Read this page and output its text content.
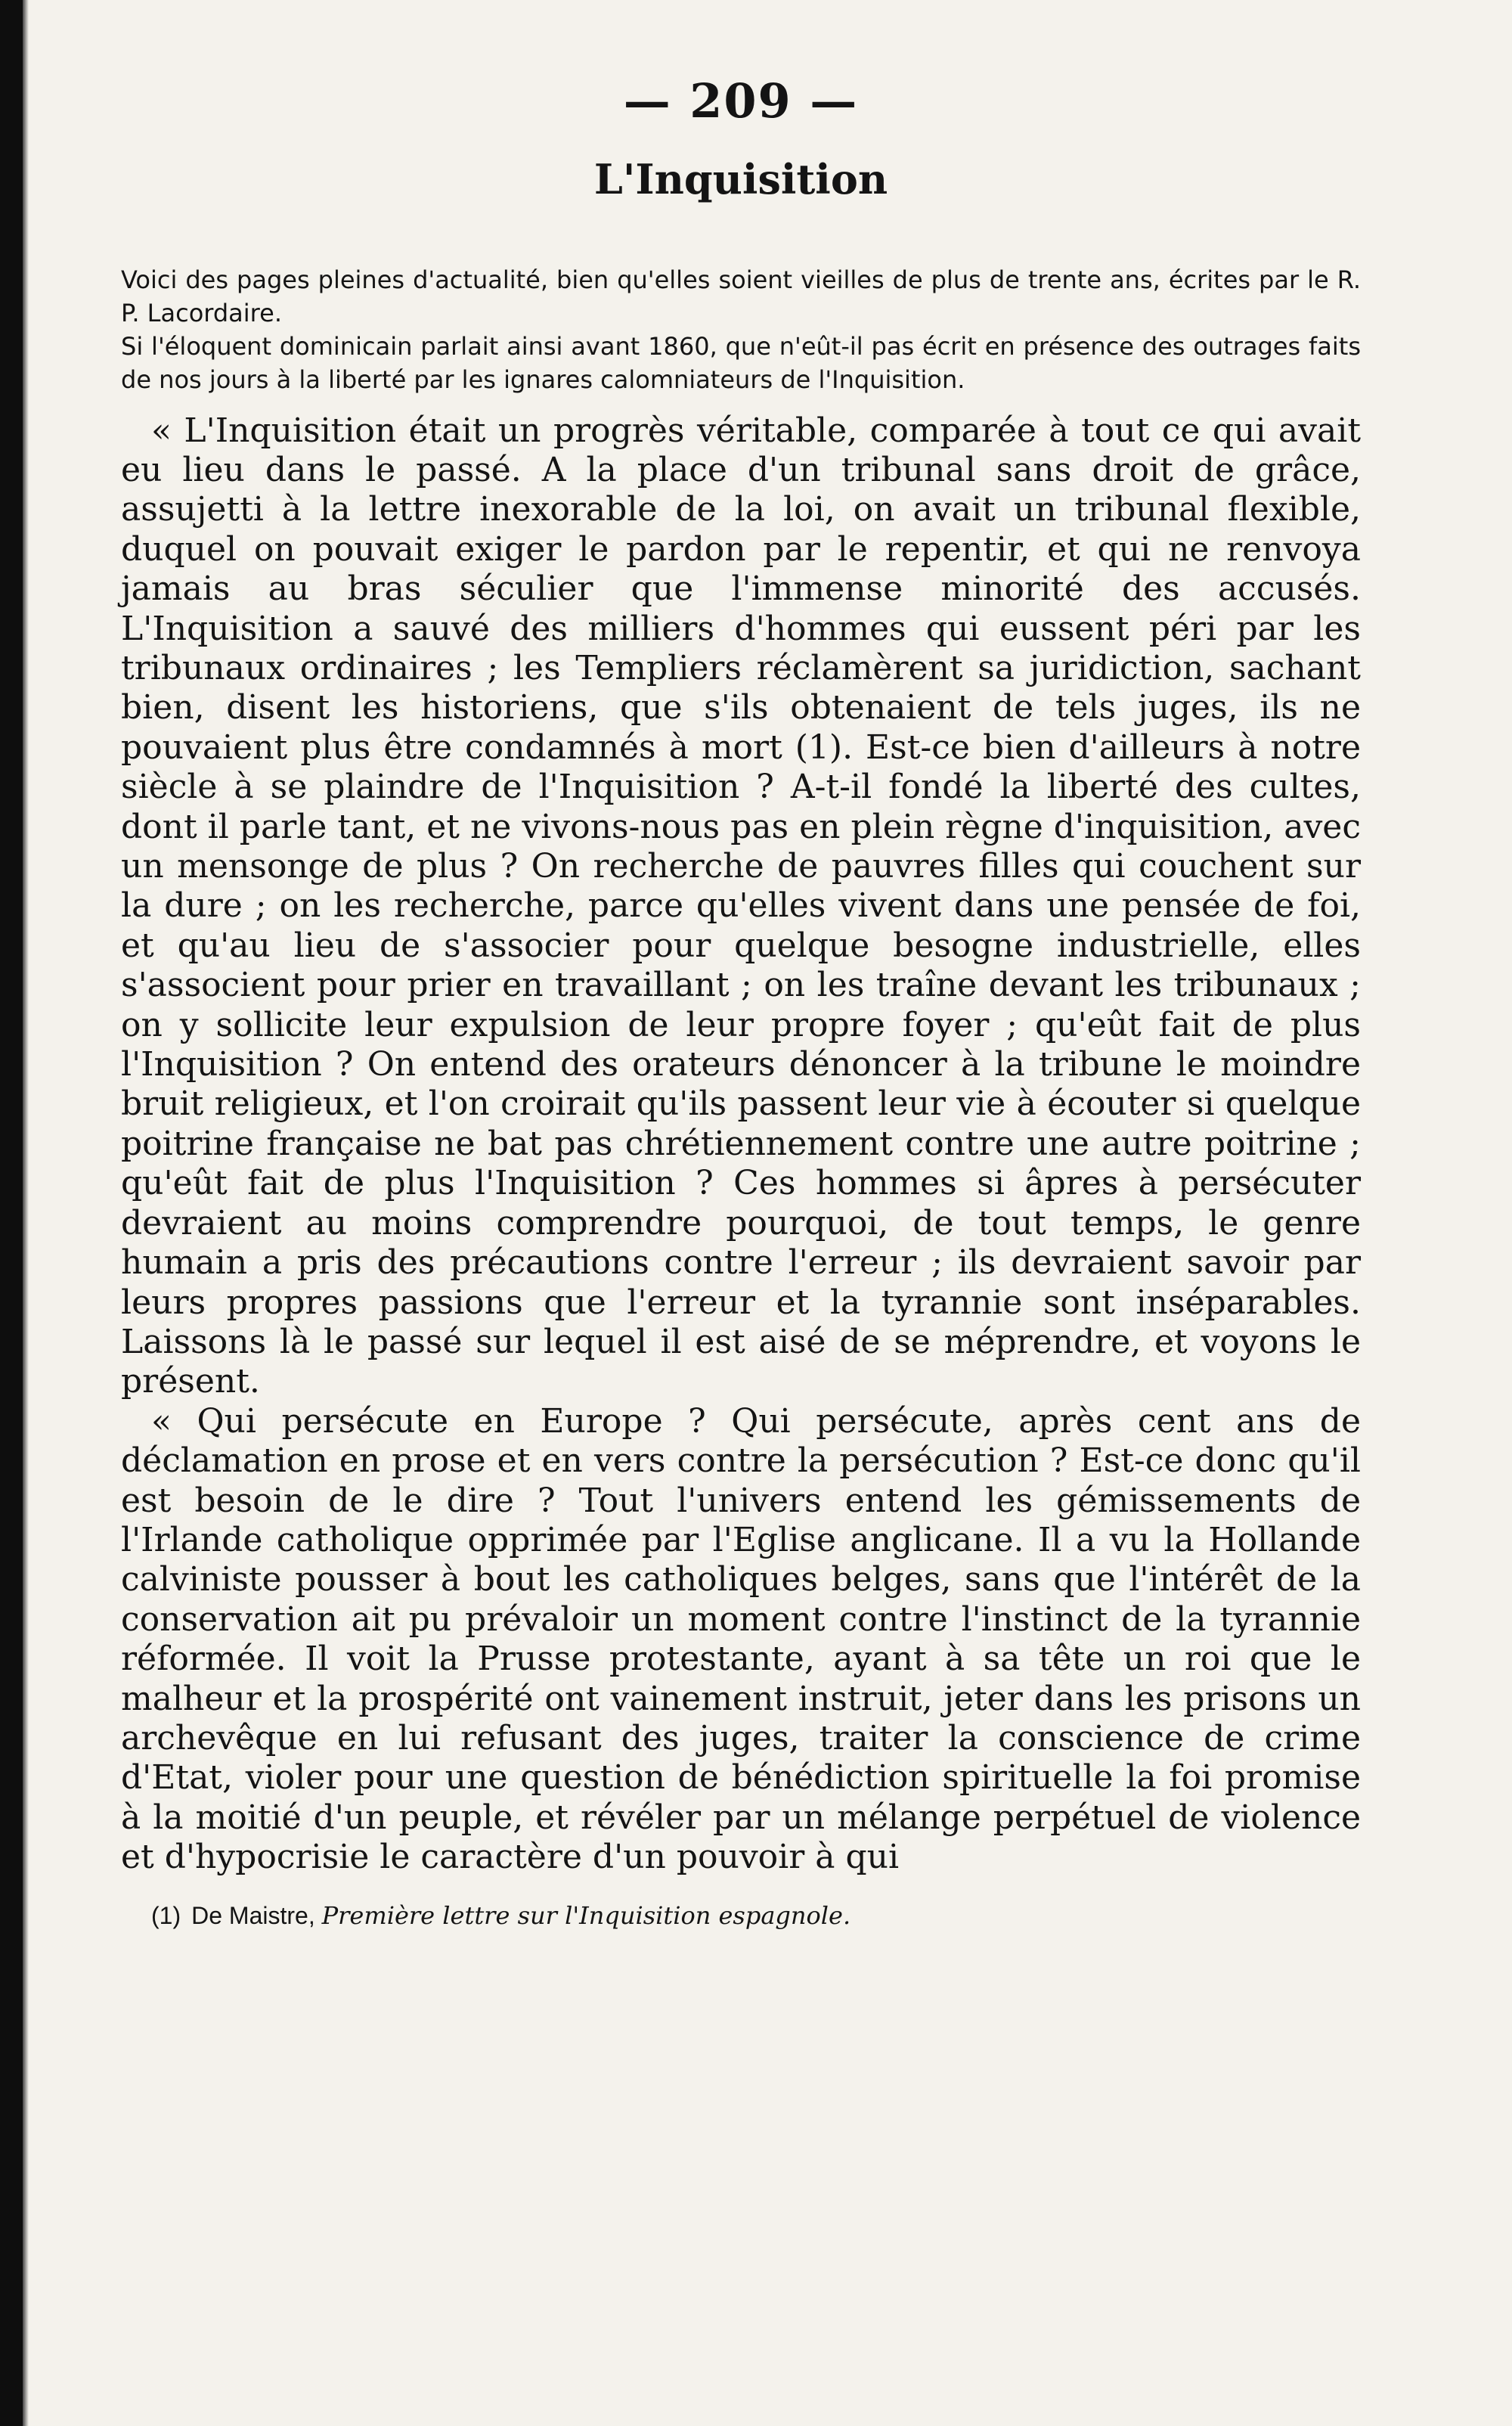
— 209 —
L'Inquisition

Voici des pages pleines d'actualité, bien qu'elles soient vieilles de plus de trente ans, écrites par le R. P. Lacordaire.

Si l'éloquent dominicain parlait ainsi avant 1860, que n'eût-il pas écrit en présence des outrages faits de nos jours à la liberté par les ignares calomniateurs de l'Inquisition.

« L'Inquisition était un progrès véritable, comparée à tout ce qui avait eu lieu dans le passé. A la place d'un tribunal sans droit de grâce, assujetti à la lettre inexorable de la loi, on avait un tribunal flexible, duquel on pouvait exiger le pardon par le repentir, et qui ne renvoya jamais au bras séculier que l'immense minorité des accusés. L'Inquisition a sauvé des milliers d'hommes qui eussent péri par les tribunaux ordinaires ; les Templiers réclamèrent sa juridiction, sachant bien, disent les historiens, que s'ils obtenaient de tels juges, ils ne pouvaient plus être condamnés à mort (1). Est-ce bien d'ailleurs à notre siècle à se plaindre de l'Inquisition ? A-t-il fondé la liberté des cultes, dont il parle tant, et ne vivons-nous pas en plein règne d'inquisition, avec un mensonge de plus ? On recherche de pauvres filles qui couchent sur la dure ; on les recherche, parce qu'elles vivent dans une pensée de foi, et qu'au lieu de s'associer pour quelque besogne industrielle, elles s'associent pour prier en travaillant ; on les traîne devant les tribunaux ; on y sollicite leur expulsion de leur propre foyer ; qu'eût fait de plus l'Inquisition ? On entend des orateurs dénoncer à la tribune le moindre bruit religieux, et l'on croirait qu'ils passent leur vie à écouter si quelque poitrine française ne bat pas chrétiennement contre une autre poitrine ; qu'eût fait de plus l'Inquisition ? Ces hommes si âpres à persécuter devraient au moins comprendre pourquoi, de tout temps, le genre humain a pris des précautions contre l'erreur ; ils devraient savoir par leurs propres passions que l'erreur et la tyrannie sont inséparables. Laissons là le passé sur lequel il est aisé de se méprendre, et voyons le présent.

« Qui persécute en Europe ? Qui persécute, après cent ans de déclamation en prose et en vers contre la persécution ? Est-ce donc qu'il est besoin de le dire ? Tout l'univers entend les gémissements de l'Irlande catholique opprimée par l'Eglise anglicane. Il a vu la Hollande calviniste pousser à bout les catholiques belges, sans que l'intérêt de la conservation ait pu prévaloir un moment contre l'instinct de la tyrannie réformée. Il voit la Prusse protestante, ayant à sa tête un roi que le malheur et la prospérité ont vainement instruit, jeter dans les prisons un archevêque en lui refusant des juges, traiter la conscience de crime d'Etat, violer pour une question de bénédiction spirituelle la foi promise à la moitié d'un peuple, et révéler par un mélange perpétuel de violence et d'hypocrisie le caractère d'un pouvoir à qui

(1) De Maistre, Première lettre sur l'Inquisition espagnole.
